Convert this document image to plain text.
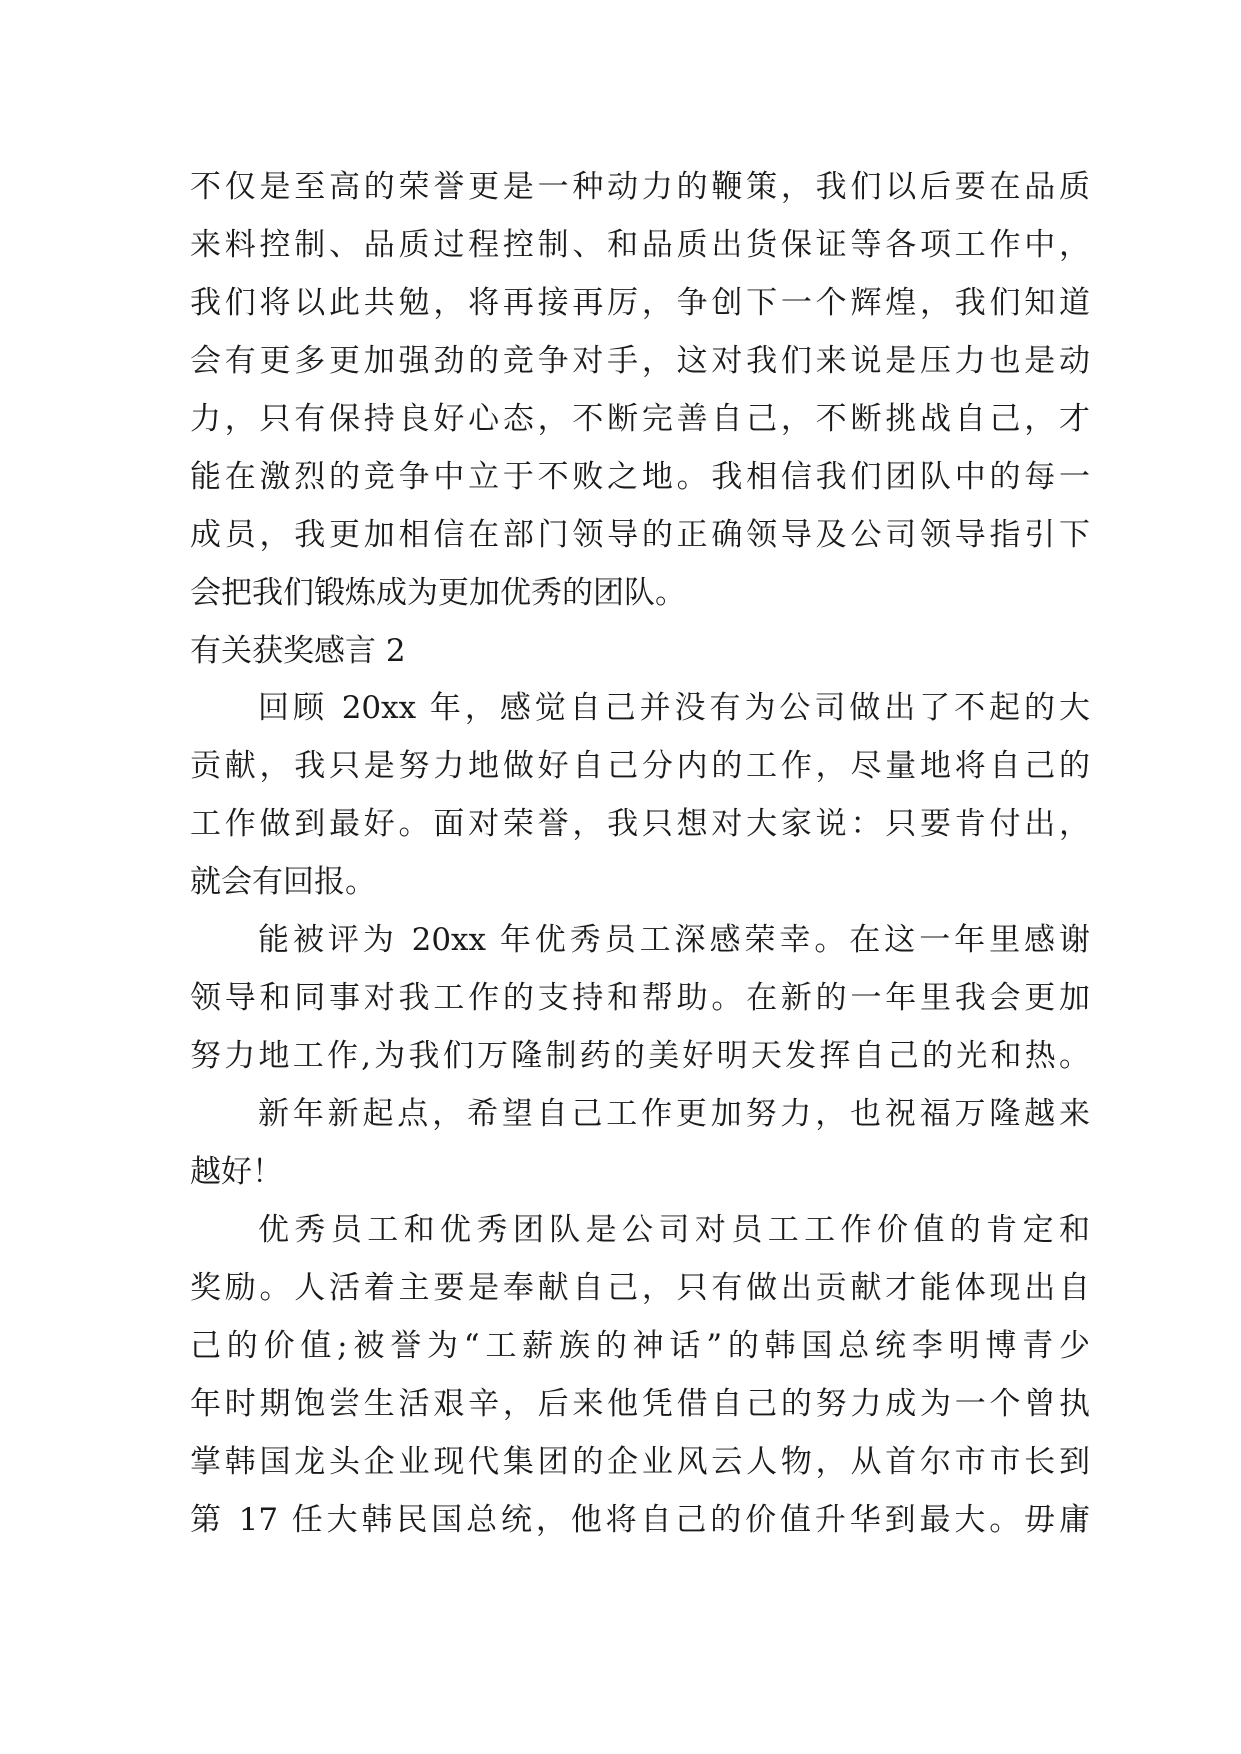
不仅是至高的荣誉更是一种动力的鞭策，我们以后要在品质

来料控制、品质过程控制、和品质出货保证等各项工作中，

我们将以此共勉，将再接再厉，争创下一个辉煌，我们知道

会有更多更加强劲的竞争对手，这对我们来说是压力也是动

力，只有保持良好心态，不断完善自己，不断挑战自己，才

能在激烈的竞争中立于不败之地。我相信我们团队中的每一

成员，我更加相信在部门领导的正确领导及公司领导指引下

会把我们锻炼成为更加优秀的团队。

有关获奖感言 2

回顾 20xx 年，感觉自己并没有为公司做出了不起的大

贡献，我只是努力地做好自己分内的工作，尽量地将自己的

工作做到最好。面对荣誉，我只想对大家说：只要肯付出，

就会有回报。

能被评为 20xx 年优秀员工深感荣幸。在这一年里感谢

领导和同事对我工作的支持和帮助。在新的一年里我会更加

努力地工作,为我们万隆制药的美好明天发挥自己的光和热。

新年新起点，希望自己工作更加努力，也祝福万隆越来

越好！

优秀员工和优秀团队是公司对员工工作价值的肯定和

奖励。人活着主要是奉献自己，只有做出贡献才能体现出自

己的价值;被誉为“工薪族的神话”的韩国总统李明博青少

年时期饱尝生活艰辛，后来他凭借自己的努力成为一个曾执

掌韩国龙头企业现代集团的企业风云人物，从首尔市市长到

第 17 任大韩民国总统，他将自己的价值升华到最大。毋庸
